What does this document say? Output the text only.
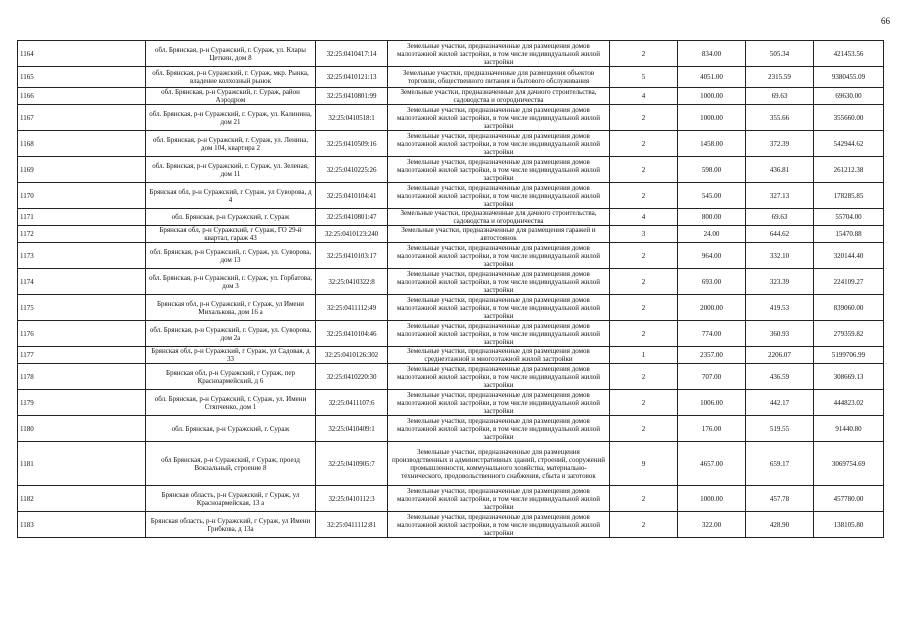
66
1164	обл. Брянская, р-н Суражский, г. Сураж, ул. Клары Цеткин, дом 8	32:25:0410417:14	Земельные участки, предназначенные для размещения домов малоэтажной жилой застройки, в том числе индивидуальной жилой застройки	2	834.00	505.34	421453.56
1165	обл. Брянская, р-н Суражский, г. Сураж, мкр. Рынка, владение колхозный рынок	32:25:0410121:13	Земельные участки, предназначенные для размещения объектов торговли, общественного питания и бытового обслуживания	5	4051.00	2315.59	9380455.09
1166	обл. Брянская, р-н Суражский, г. Сураж, район Аэродром	32:25:0410801:99	Земельные участки, предназначенные для дачного строительства, садоводства и огородничества	4	1000.00	69.63	69630.00
1167	обл. Брянская, р-н Суражский, г. Сураж, ул. Калинина, дом 21	32:25:0410518:1	Земельные участки, предназначенные для размещения домов малоэтажной жилой застройки, в том числе индивидуальной жилой застройки	2	1000.00	355.66	355660.00
1168	обл. Брянская, р-н Суражский, г. Сураж, ул. Ленина, дом 104, квартира 2	32:25:0410509:16	Земельные участки, предназначенные для размещения домов малоэтажной жилой застройки, в том числе индивидуальной жилой застройки	2	1458.00	372.39	542944.62
1169	обл. Брянская, р-н Суражский, г. Сураж, ул. Зеленая, дом 11	32:25:0410225:26	Земельные участки, предназначенные для размещения домов малоэтажной жилой застройки, в том числе индивидуальной жилой застройки	2	598.00	436.81	261212.38
1170	Брянская обл, р-н Суражский, г Сураж, ул Суворова, д 4	32:25:0410104:41	Земельные участки, предназначенные для размещения домов малоэтажной жилой застройки, в том числе индивидуальной жилой застройки	2	545.00	327.13	178285.85
1171	обл. Брянская, р-н Суражский, г. Сураж	32:25:0410801:47	Земельные участки, предназначенные для дачного строительства, садоводства и огородничества	4	800.00	69.63	55704.00
1172	Брянская обл, р-н Суражский, г Сураж, ГО 29-й квартал, гараж 43	32:25:0410123:240	Земельные участки, предназначенные для размещения гаражей и автостоянок	3	24.00	644.62	15470.88
1173	обл. Брянская, р-н Суражский, г. Сураж, ул. Суворова, дом 13	32:25:0410103:17	Земельные участки, предназначенные для размещения домов малоэтажной жилой застройки, в том числе индивидуальной жилой застройки	2	964.00	332.10	320144.40
1174	обл. Брянская, р-н Суражский, г. Сураж, ул. Горбатова, дом 3	32:25:0410322:8	Земельные участки, предназначенные для размещения домов малоэтажной жилой застройки, в том числе индивидуальной жилой застройки	2	693.00	323.39	224109.27
1175	Брянская обл, р-н Суражский, г Сураж, ул Имени Михалькова, дом 16 а	32:25:0411112:49	Земельные участки, предназначенные для размещения домов малоэтажной жилой застройки, в том числе индивидуальной жилой застройки	2	2000.00	419.53	839060.00
1176	обл. Брянская, р-н Суражский, г. Сураж, ул. Суворова, дом 2а	32:25:0410104:46	Земельные участки, предназначенные для размещения домов малоэтажной жилой застройки, в том числе индивидуальной жилой застройки	2	774.00	360.93	279359.82
1177	Брянская обл, р-н Суражский, г Сураж, ул Садовая, д 33	32:25:0410126:302	Земельные участки, предназначенные для размещения домов среднеэтажной и многоэтажной жилой застройки	1	2357.00	2206.07	5199706.99
1178	Брянская обл, р-н Суражский, г Сураж, пер Красноармейский, д 6	32:25:0410220:30	Земельные участки, предназначенные для размещения домов малоэтажной жилой застройки, в том числе индивидуальной жилой застройки	2	707.00	436.59	308669.13
1179	обл. Брянская, р-н Суражский, г. Сураж, ул. Имени Стяпченко, дом 1	32:25:0411107:6	Земельные участки, предназначенные для размещения домов малоэтажной жилой застройки, в том числе индивидуальной жилой застройки	2	1006.00	442.17	444823.02
1180	обл. Брянская, р-н Суражский, г. Сураж	32:25:0410409:1	Земельные участки, предназначенные для размещения домов малоэтажной жилой застройки, в том числе индивидуальной жилой застройки	2	176.00	519.55	91440.80
1181	обл Брянская, р-н Суражский, г Сураж, проезд Вокзальный, строение 8	32:25:0410905:7	Земельные участки, предназначенные для размещения производственных и административных зданий, строений, сооружений промышленности, коммунального хозяйства, материально-технического, продовольственного снабжения, сбыта и заготовок	9	4657.00	659.17	3069754.69
1182	Брянская область, р-н Суражский, г Сураж, ул Красноармейская, 13 а	32:25:0410112:3	Земельные участки, предназначенные для размещения домов малоэтажной жилой застройки, в том числе индивидуальной жилой застройки	2	1000.00	457.78	457780.00
1183	Брянская область, р-н Суражский, г Сураж, ул Имени Грибкова, д 13а	32:25:0411112:81	Земельные участки, предназначенные для размещения домов малоэтажной жилой застройки, в том числе индивидуальной жилой застройки	2	322.00	428.90	138105.80
